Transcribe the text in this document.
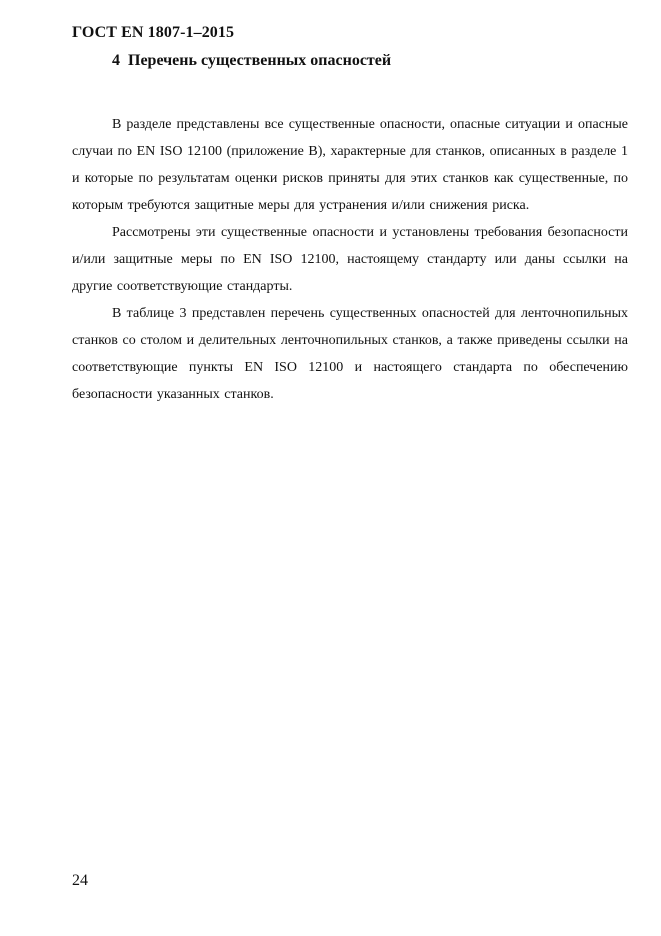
ГОСТ EN 1807-1–2015
4 Перечень существенных опасностей

В разделе представлены все существенные опасности, опасные ситуации и опасные случаи по EN ISO 12100 (приложение B), характерные для станков, описанных в разделе 1 и которые по результатам оценки рисков приняты для этих станков как существенные, по которым требуются защитные меры для устранения и/или снижения риска.

Рассмотрены эти существенные опасности и установлены требования безопасности и/или защитные меры по EN ISO 12100, настоящему стандарту или даны ссылки на другие соответствующие стандарты.

В таблице 3 представлен перечень существенных опасностей для ленточнопильных станков со столом и делительных ленточнопильных станков, а также приведены ссылки на соответствующие пункты EN ISO 12100 и настоящего стандарта по обеспечению безопасности указанных станков.

24
